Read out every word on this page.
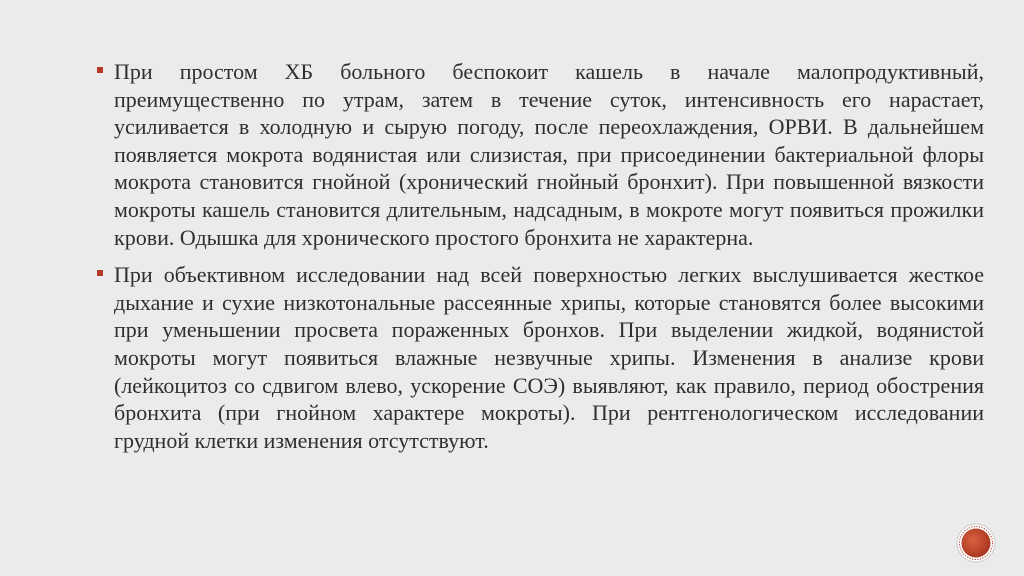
При простом ХБ больного беспокоит кашель в начале малопродуктивный, преимущественно по утрам, затем в течение суток, интенсивность его нарастает, усиливается в холодную и сырую погоду, после переохлаждения, ОРВИ. В дальнейшем появляется мокрота водянистая или слизистая, при присоединении бактериальной флоры мокрота становится гнойной (хронический гнойный бронхит). При повышенной вязкости мокроты кашель становится длительным, надсадным, в мокроте могут появиться прожилки крови. Одышка для хронического простого бронхита не характерна.

При объективном исследовании над всей поверхностью легких выслушивается жесткое дыхание и сухие низкотональные рассеянные хрипы, которые становятся более высокими при уменьшении просвета пораженных бронхов. При выделении жидкой, водянистой мокроты могут появиться влажные незвучные хрипы. Изменения в анализе крови (лейкоцитоз со сдвигом влево, ускорение СОЭ) выявляют, как правило, период обострения бронхита (при гнойном характере мокроты). При рентгенологическом исследовании грудной клетки изменения отсутствуют.
